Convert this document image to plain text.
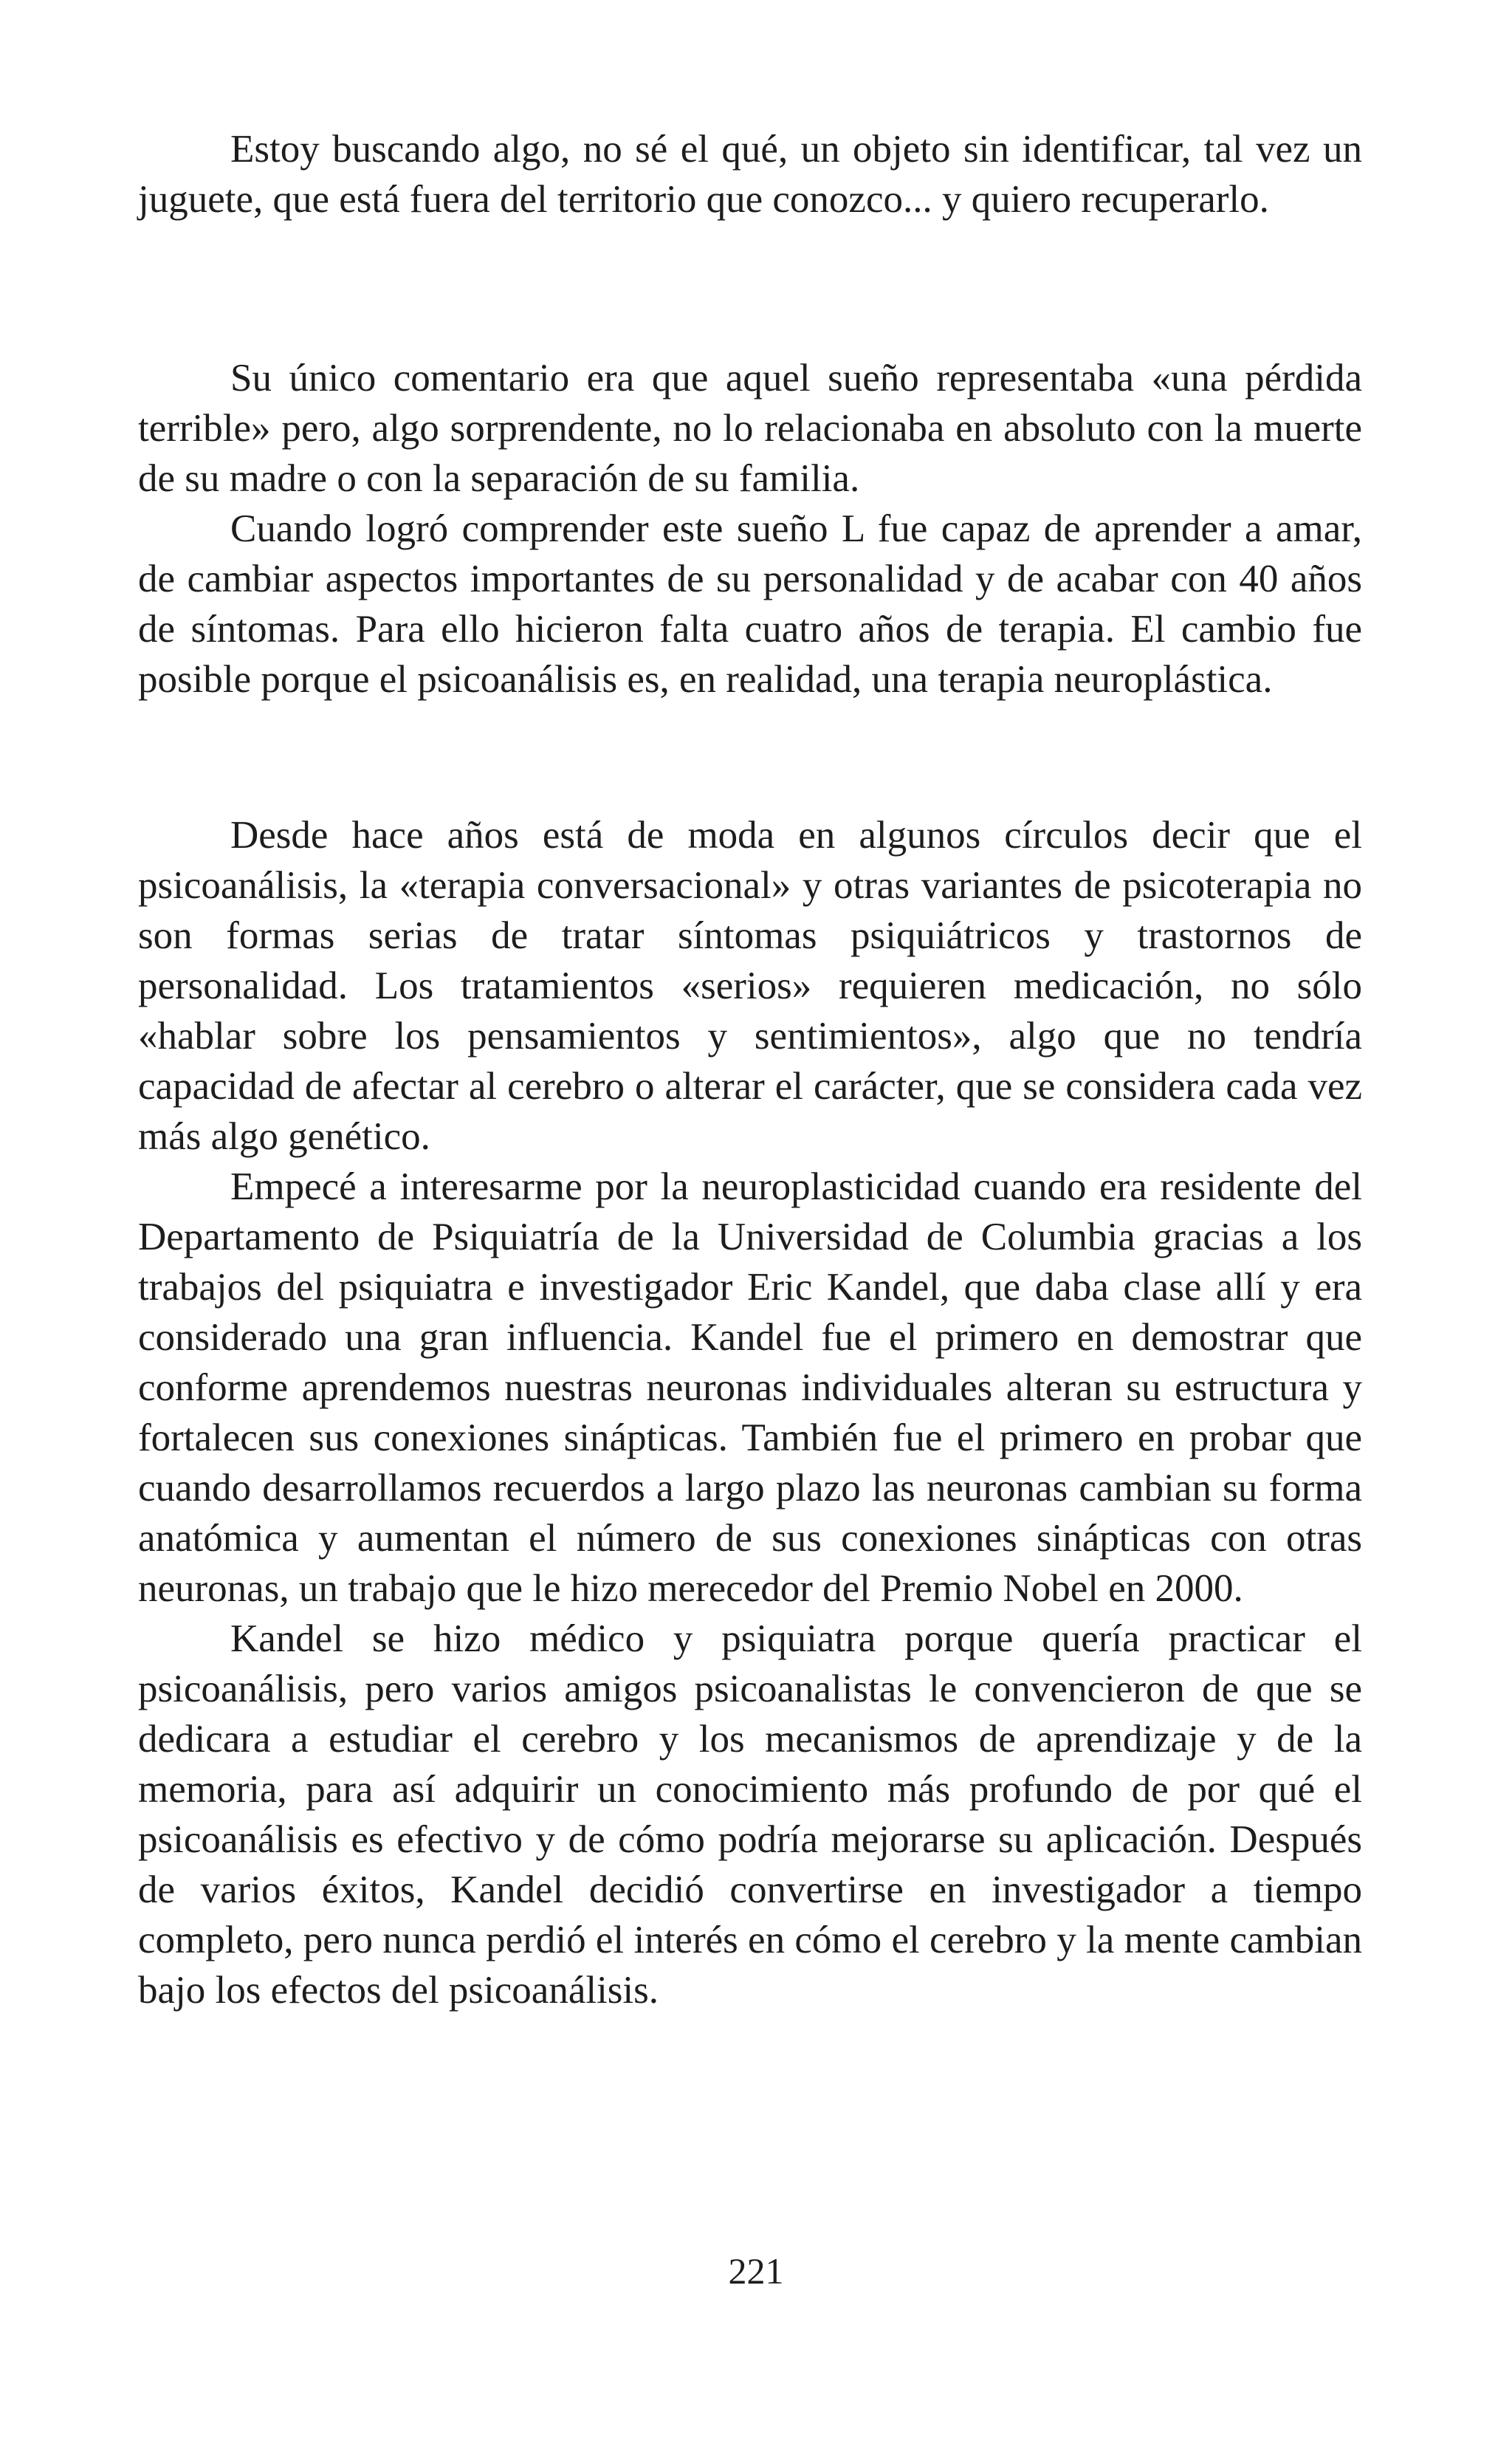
Estoy buscando algo, no sé el qué, un objeto sin identificar, tal vez un juguete, que está fuera del territorio que conozco... y quiero recuperarlo.

Su único comentario era que aquel sueño representaba «una pérdida terrible» pero, algo sorprendente, no lo relacionaba en absoluto con la muerte de su madre o con la separación de su familia.

Cuando logró comprender este sueño L fue capaz de aprender a amar, de cambiar aspectos importantes de su personalidad y de acabar con 40 años de síntomas. Para ello hicieron falta cuatro años de terapia. El cambio fue posible porque el psicoanálisis es, en realidad, una terapia neuroplástica.

Desde hace años está de moda en algunos círculos decir que el psicoanálisis, la «terapia conversacional» y otras variantes de psicoterapia no son formas serias de tratar síntomas psiquiátricos y trastornos de personalidad. Los tratamientos «serios» requieren medicación, no sólo «hablar sobre los pensamientos y sentimientos», algo que no tendría capacidad de afectar al cerebro o alterar el carácter, que se considera cada vez más algo genético.

Empecé a interesarme por la neuroplasticidad cuando era residente del Departamento de Psiquiatría de la Universidad de Columbia gracias a los trabajos del psiquiatra e investigador Eric Kandel, que daba clase allí y era considerado una gran influencia. Kandel fue el primero en demostrar que conforme aprendemos nuestras neuronas individuales alteran su estructura y fortalecen sus conexiones sinápticas. También fue el primero en probar que cuando desarrollamos recuerdos a largo plazo las neuronas cambian su forma anatómica y aumentan el número de sus conexiones sinápticas con otras neuronas, un trabajo que le hizo merecedor del Premio Nobel en 2000.

Kandel se hizo médico y psiquiatra porque quería practicar el psicoanálisis, pero varios amigos psicoanalistas le convencieron de que se dedicara a estudiar el cerebro y los mecanismos de aprendizaje y de la memoria, para así adquirir un conocimiento más profundo de por qué el psicoanálisis es efectivo y de cómo podría mejorarse su aplicación. Después de varios éxitos, Kandel decidió convertirse en investigador a tiempo completo, pero nunca perdió el interés en cómo el cerebro y la mente cambian bajo los efectos del psicoanálisis.

221
